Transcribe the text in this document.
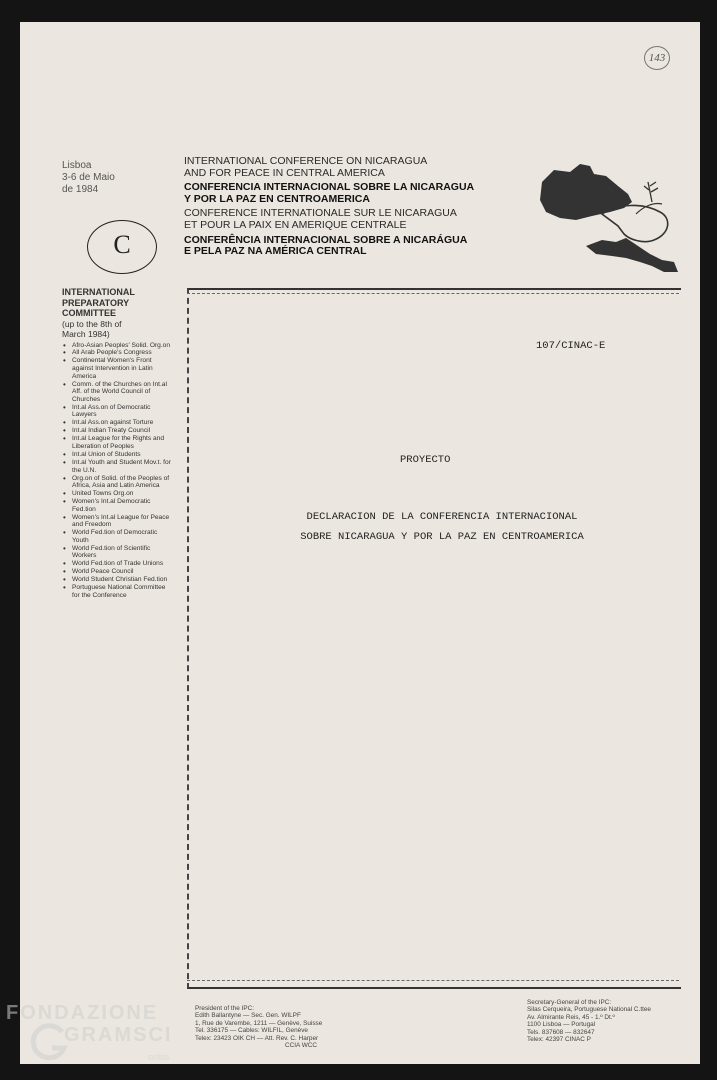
143
Lisboa
3-6 de Maio
de 1984
C
INTERNATIONAL CONFERENCE ON NICARAGUA
AND FOR PEACE IN CENTRAL AMERICA
CONFERENCIA INTERNACIONAL SOBRE LA NICARAGUA
Y POR LA PAZ EN CENTROAMERICA
CONFERENCE INTERNATIONALE SUR LE NICARAGUA
ET POUR LA PAIX EN AMERIQUE CENTRALE
CONFERÊNCIA INTERNACIONAL SOBRE A NICARÁGUA
E PELA PAZ NA AMÉRICA CENTRAL
INTERNATIONAL
PREPARATORY
COMMITTEE
(up to the 8th of
March 1984)
• Afro-Asian Peoples' Solid. Org.on
• All Arab People's Congress
• Continental Women's Front against Intervention in Latin America
• Comm. of the Churches on Int.al Aff. of the World Council of Churches
• Int.al Ass.on of Democratic Lawyers
• Int.al Ass.on against Torture
• Int.al Indian Treaty Council
• Int.al League for the Rights and Liberation of Peoples
• Int.al Union of Students
• Int.al Youth and Student Mov.t. for the U.N.
• Org.on of Solid. of the Peoples of Africa, Asia and Latin America
• United Towns Org.on
• Women's Int.al Democratic Fed.tion
• Women's Int.al League for Peace and Freedom
• World Fed.tion of Democratic Youth
• World Fed.tion of Scientific Workers
• World Fed.tion of Trade Unions
• World Peace Council
• World Student Christian Fed.tion
• Portuguese National Committee for the Conference
107/CINAC-E
PROYECTO
DECLARACION DE LA CONFERENCIA INTERNACIONAL
SOBRE NICARAGUA Y POR LA PAZ EN CENTROAMERICA
President of the IPC:
Edith Ballantyne — Sec. Gen. WILPF
1, Rue de Varembe, 1211 — Genève, Suisse
Tel. 336175 — Cables: WILFIL, Genève
Telex: 23423 OIK CH — Att. Rev. C. Harper
CCIA WCC
Secretary-General of the IPC:
Silas Cerqueira, Portuguese National C.ttee
Av. Almirante Reis, 45 - 1.º Dt.º
1100 Lisboa — Portugal
Tels. 837608 — 832647
Telex: 42397 CINAC P
FONDAZIONE
GRAMSCI
onlus
